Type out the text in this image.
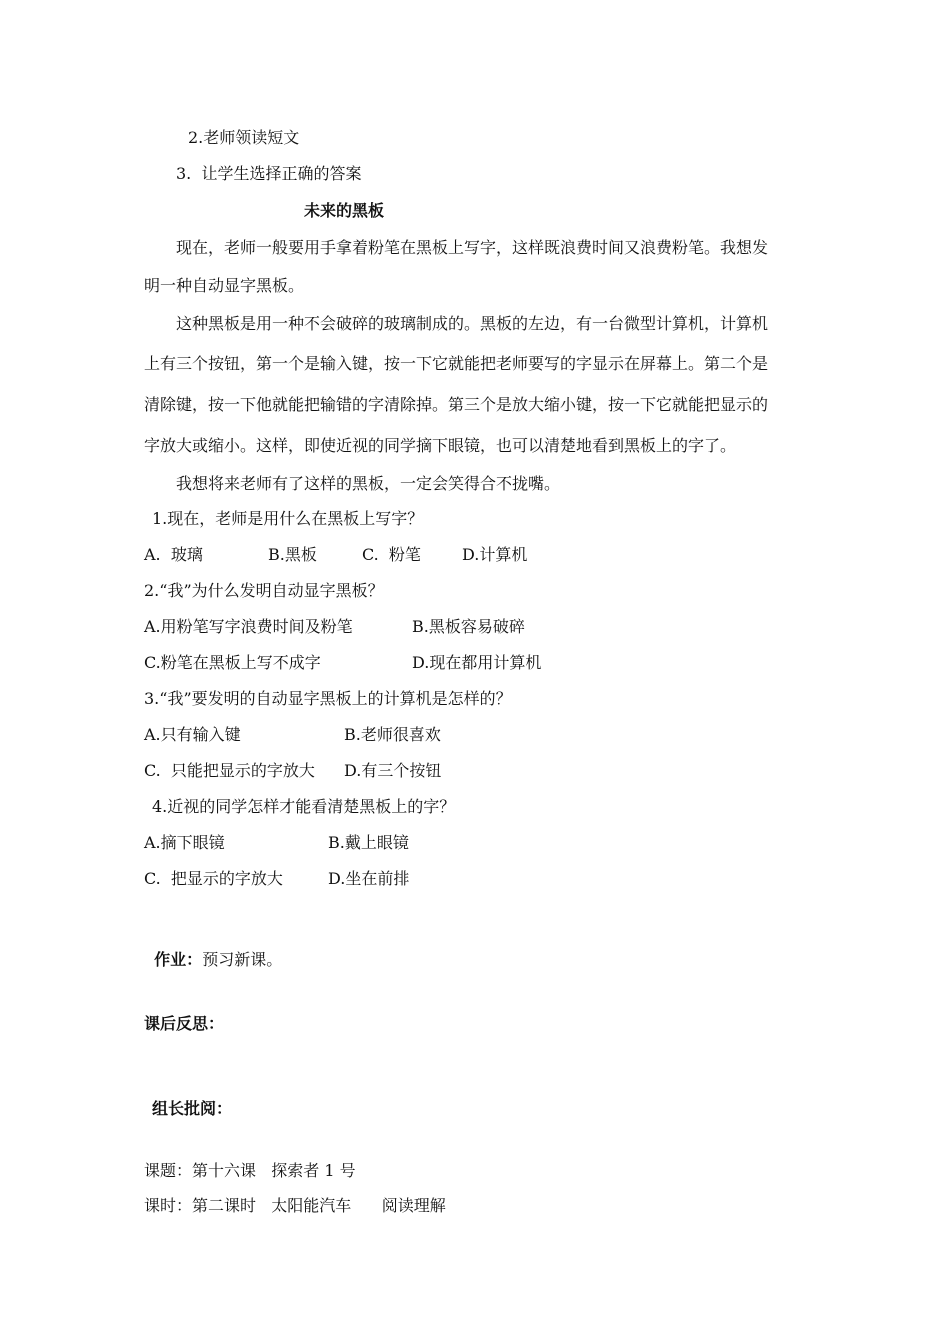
2.老师领读短文
3.  让学生选择正确的答案
未来的黑板
现在，老师一般要用手拿着粉笔在黑板上写字，这样既浪费时间又浪费粉笔。我想发
明一种自动显字黑板。
这种黑板是用一种不会破碎的玻璃制成的。黑板的左边，有一台微型计算机，计算机
上有三个按钮，第一个是输入键，按一下它就能把老师要写的字显示在屏幕上。第二个是
清除键，按一下他就能把输错的字清除掉。第三个是放大缩小键，按一下它就能把显示的
字放大或缩小。这样，即使近视的同学摘下眼镜，也可以清楚地看到黑板上的字了。
我想将来老师有了这样的黑板，一定会笑得合不拢嘴。
1.现在，老师是用什么在黑板上写字？
A.  玻璃	B.黑板	C.  粉笔	D.计算机
2.“我”为什么发明自动显字黑板？
A.用粉笔写字浪费时间及粉笔	B.黑板容易破碎
C.粉笔在黑板上写不成字	D.现在都用计算机
3.“我”要发明的自动显字黑板上的计算机是怎样的？
A.只有输入键	B.老师很喜欢
C.  只能把显示的字放大 D.有三个按钮
4.近视的同学怎样才能看清楚黑板上的字？
A.摘下眼镜	B.戴上眼镜
C.  把显示的字放大	D.坐在前排

作业：预习新课。

课后反思：
组长批阅：
课题：第十六课   探索者 1 号
课时：第二课时   太阳能汽车      阅读理解
